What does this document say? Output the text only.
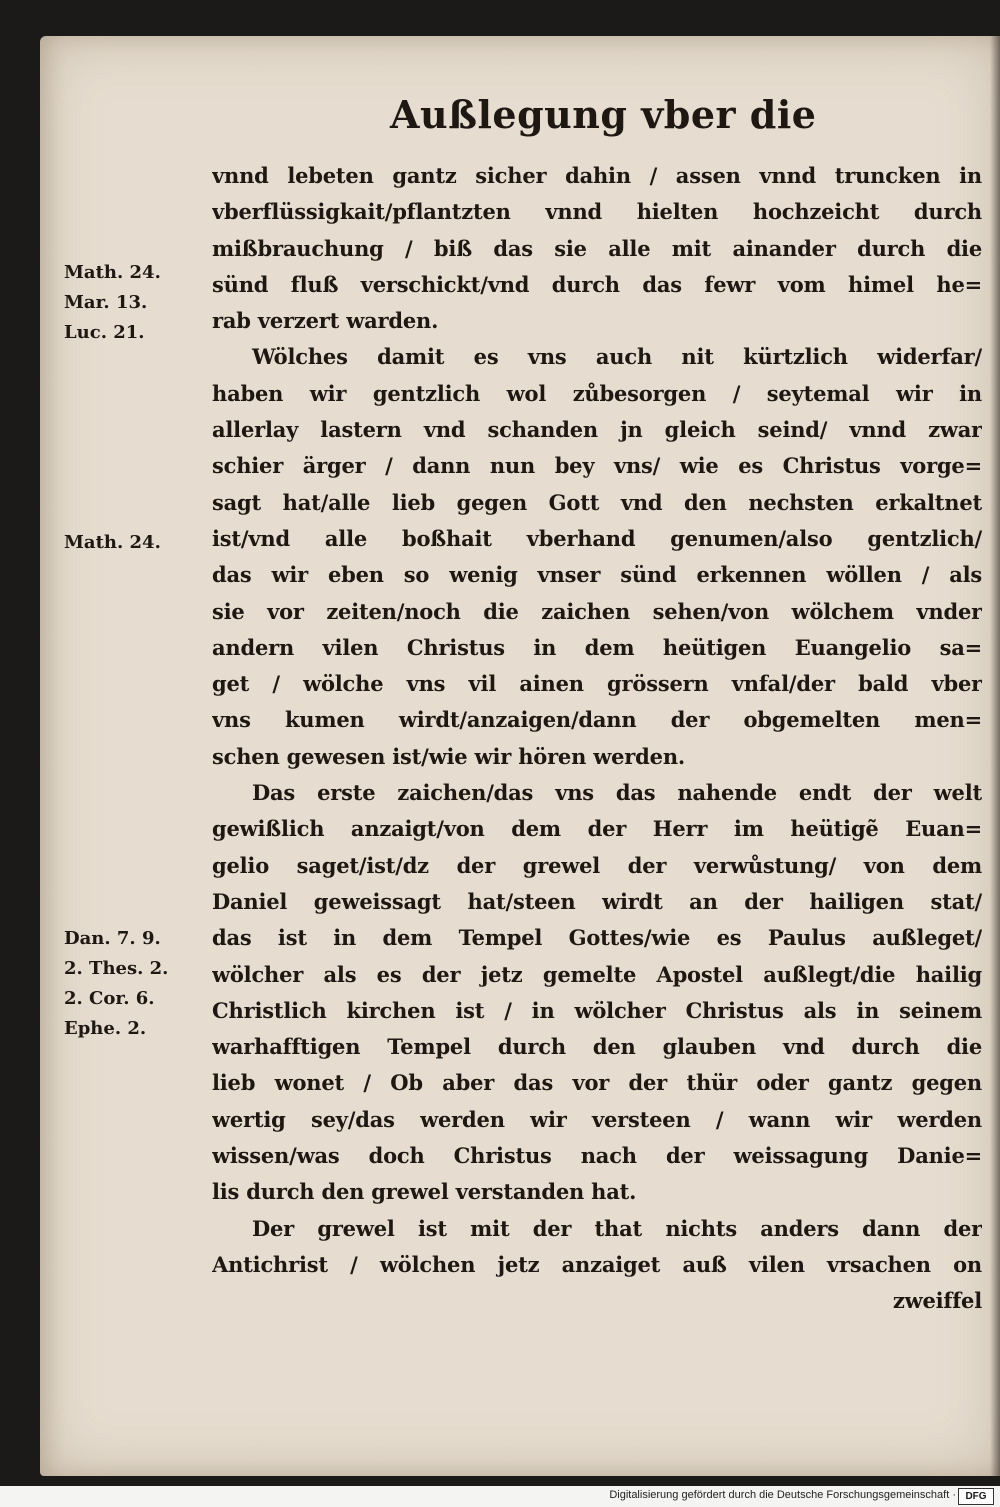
Außlegung vber die
Math. 24.
Mar. 13.
Luc. 21.
Math. 24.
Dan. 7. 9.
2. Thes. 2.
2. Cor. 6.
Ephe. 2.
vnnd lebeten gantz sicher dahin / assen vnnd truncken in
vberflüssigkait/pflantzten vnnd hielten hochzeicht durch
mißbrauchung / biß das sie alle mit ainander durch die
sünd fluß verschickt/vnd durch das fewr vom himel he=
rab verzert warden.
Wölches damit es vns auch nit kürtzlich widerfar/
haben wir gentzlich wol zůbesorgen / seytemal wir in
allerlay lastern vnd schanden jn gleich seind/ vnnd zwar
schier ärger / dann nun bey vns/ wie es Christus vorge=
sagt hat/alle lieb gegen Gott vnd den nechsten erkaltnet
ist/vnd alle boßhait vberhand genumen/also gentzlich/
das wir eben so wenig vnser sünd erkennen wöllen / als
sie vor zeiten/noch die zaichen sehen/von wölchem vnder
andern vilen Christus in dem heütigen Euangelio sa=
get / wölche vns vil ainen grössern vnfal/der bald vber
vns kumen wirdt/anzaigen/dann der obgemelten men=
schen gewesen ist/wie wir hören werden.
Das erste zaichen/das vns das nahende endt der welt
gewißlich anzaigt/von dem der Herr im heütigẽ Euan=
gelio saget/ist/dz der grewel der verwůstung/ von dem
Daniel geweissagt hat/steen wirdt an der hailigen stat/
das ist in dem Tempel Gottes/wie es Paulus außleget/
wölcher als es der jetz gemelte Apostel außlegt/die hailig
Christlich kirchen ist / in wölcher Christus als in seinem
warhafftigen Tempel durch den glauben vnd durch die
lieb wonet / Ob aber das vor der thür oder gantz gegen
wertig sey/das werden wir versteen / wann wir werden
wissen/was doch Christus nach der weissagung Danie=
lis durch den grewel verstanden hat.
Der grewel ist mit der that nichts anders dann der
Antichrist / wölchen jetz anzaiget auß vilen vrsachen on
zweiffel
Digitalisierung gefördert durch die Deutsche Forschungsgemeinschaft · DFG
